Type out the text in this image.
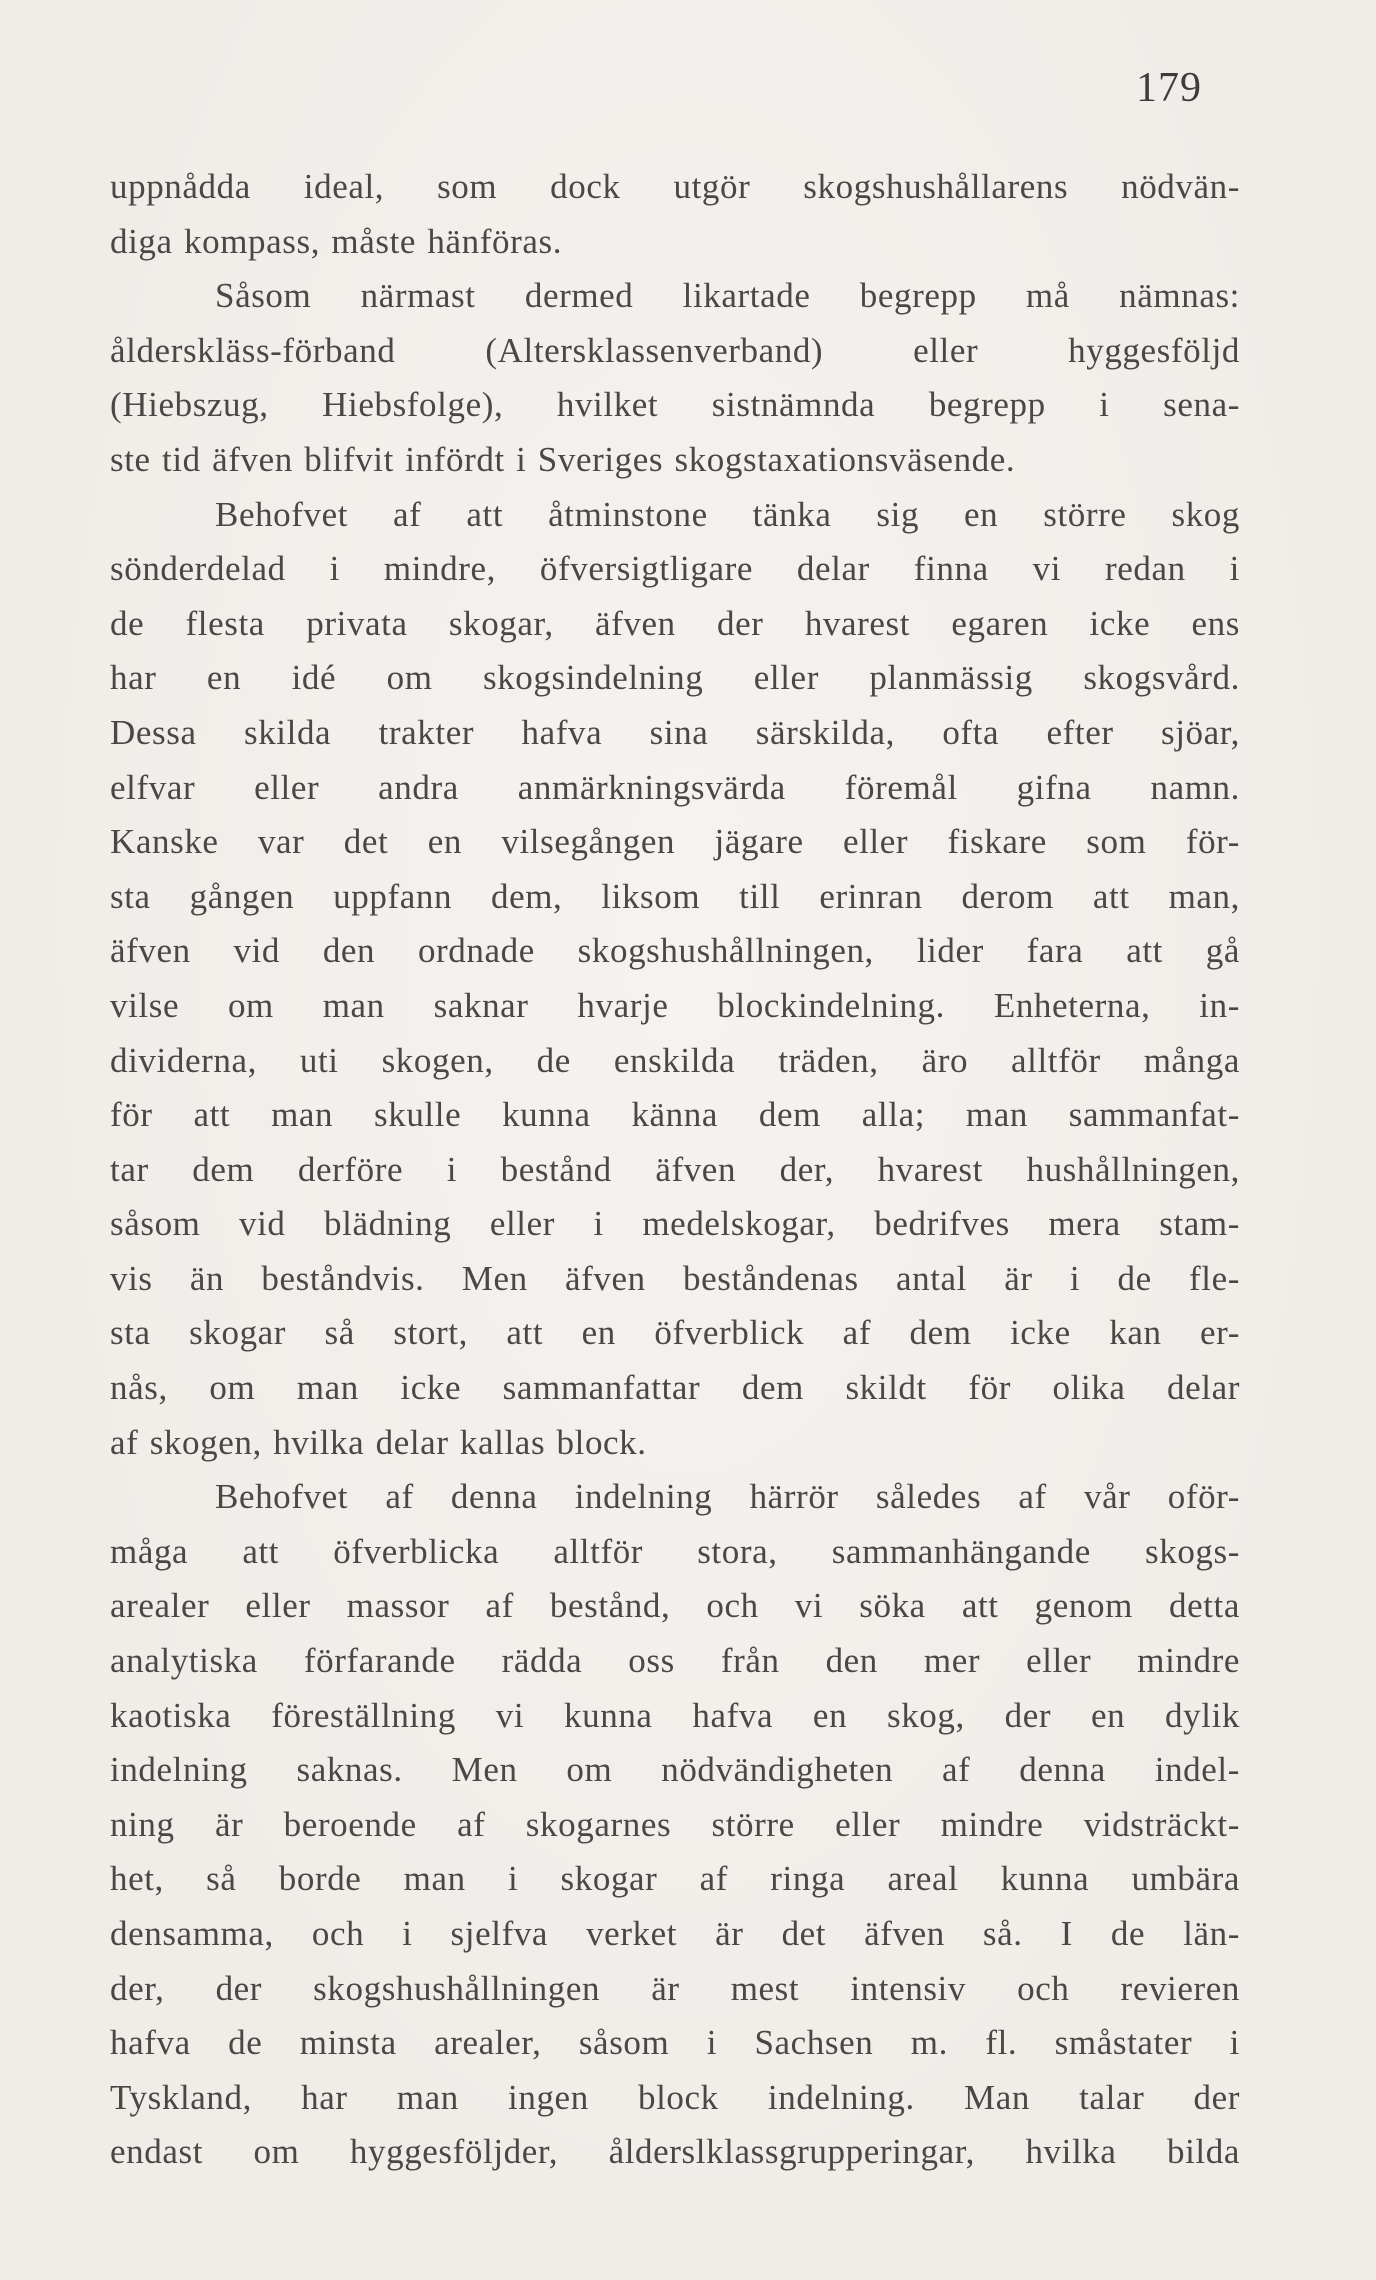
179
uppnådda ideal, som dock utgör skogshushållarens nödvän-
diga kompass, måste hänföras.
Såsom närmast dermed likartade begrepp må nämnas:
ålderskläss-förband (Altersklassenverband) eller hyggesföljd
(Hiebszug, Hiebsfolge), hvilket sistnämnda begrepp i sena-
ste tid äfven blifvit infördt i Sveriges skogstaxationsväsende.
Behofvet af att åtminstone tänka sig en större skog
sönderdelad i mindre, öfversigtligare delar finna vi redan i
de flesta privata skogar, äfven der hvarest egaren icke ens
har en idé om skogsindelning eller planmässig skogsvård.
Dessa skilda trakter hafva sina särskilda, ofta efter sjöar,
elfvar eller andra anmärkningsvärda föremål gifna namn.
Kanske var det en vilsegången jägare eller fiskare som för-
sta gången uppfann dem, liksom till erinran derom att man,
äfven vid den ordnade skogshushållningen, lider fara att gå
vilse om man saknar hvarje blockindelning. Enheterna, in-
dividerna, uti skogen, de enskilda träden, äro alltför många
för att man skulle kunna känna dem alla; man sammanfat-
tar dem derföre i bestånd äfven der, hvarest hushållningen,
såsom vid blädning eller i medelskogar, bedrifves mera stam-
vis än beståndvis. Men äfven beståndenas antal är i de fle-
sta skogar så stort, att en öfverblick af dem icke kan er-
nås, om man icke sammanfattar dem skildt för olika delar
af skogen, hvilka delar kallas block.
Behofvet af denna indelning härrör således af vår oför-
måga att öfverblicka alltför stora, sammanhängande skogs-
arealer eller massor af bestånd, och vi söka att genom detta
analytiska förfarande rädda oss från den mer eller mindre
kaotiska föreställning vi kunna hafva en skog, der en dylik
indelning saknas. Men om nödvändigheten af denna indel-
ning är beroende af skogarnes större eller mindre vidsträckt-
het, så borde man i skogar af ringa areal kunna umbära
densamma, och i sjelfva verket är det äfven så. I de län-
der, der skogshushållningen är mest intensiv och revieren
hafva de minsta arealer, såsom i Sachsen m. fl. småstater i
Tyskland, har man ingen block indelning. Man talar der
endast om hyggesföljder, ålderslklassgrupperingar, hvilka bilda
